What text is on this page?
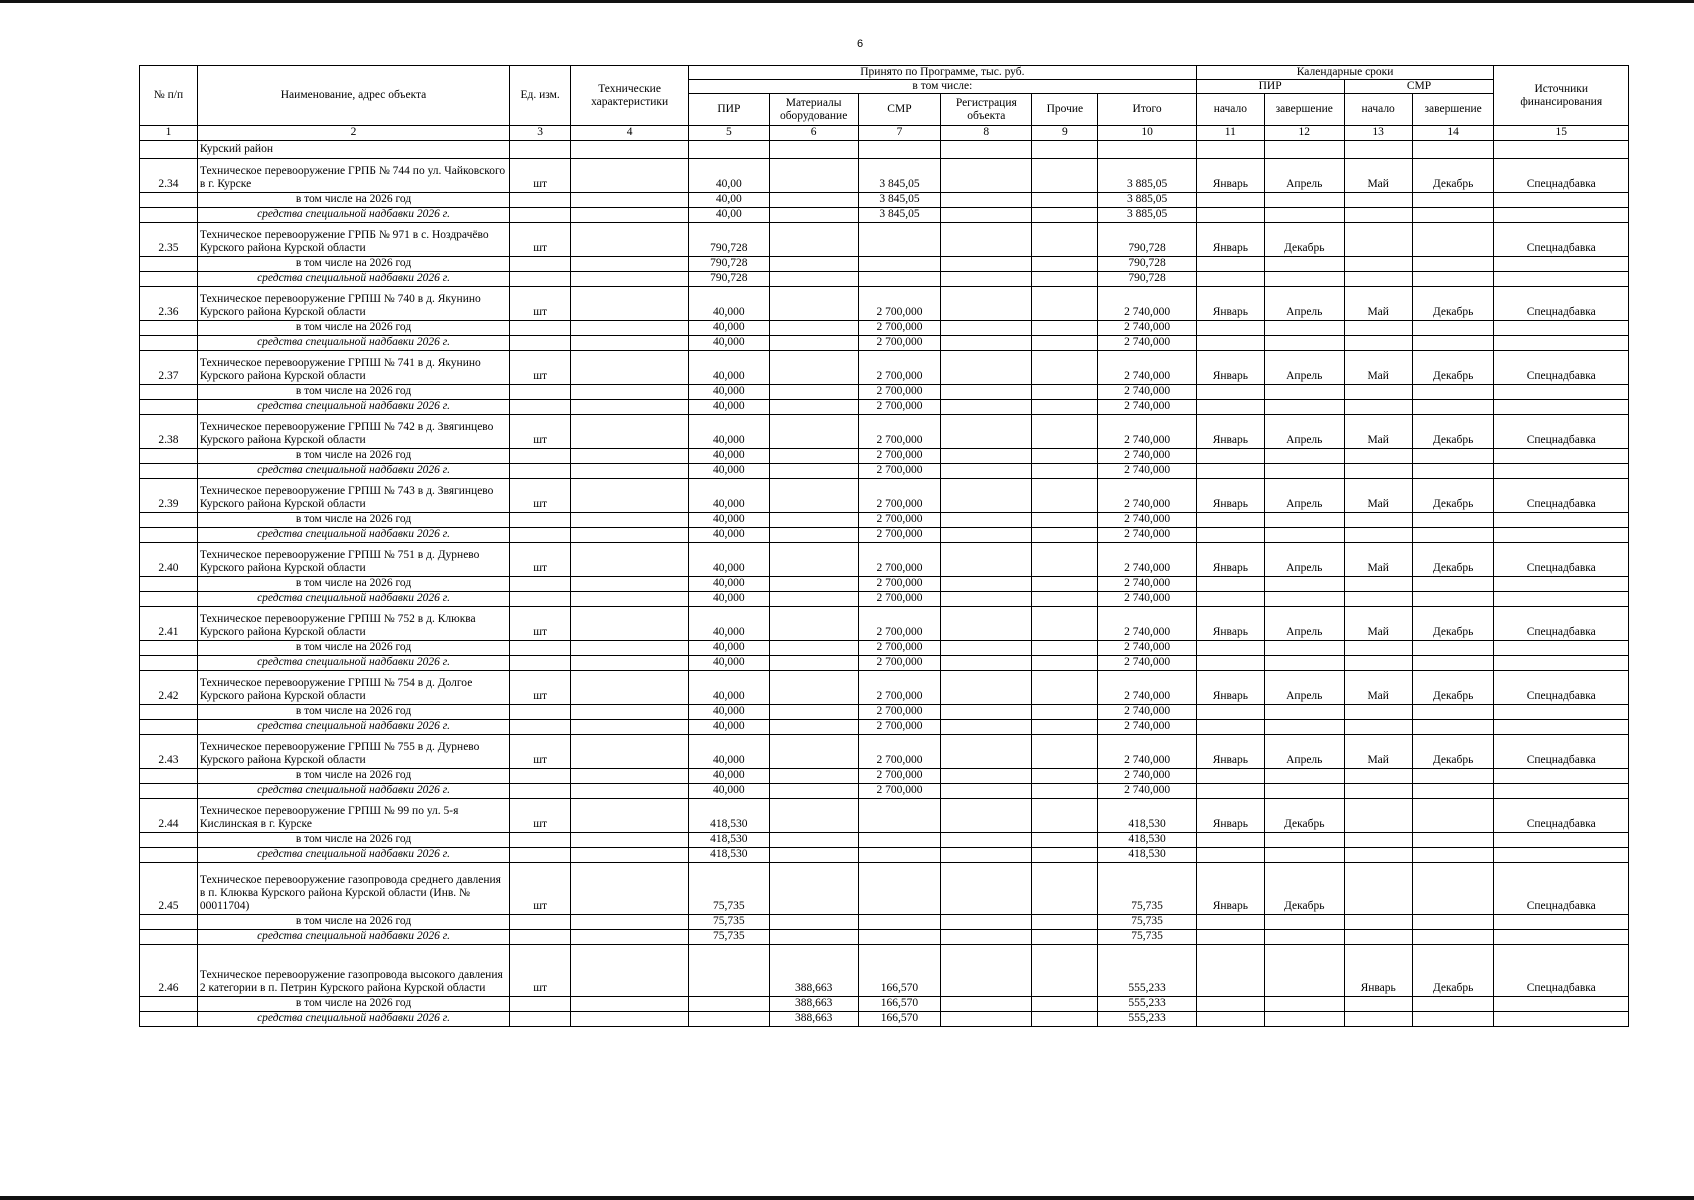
6
№ п/п	Наименование, адрес объекта	Ед. изм.	Технические характеристики	Принято по Программе, тыс. руб.						Календарные сроки				Источники финансирования
				в том числе:						ПИР		СМР		
				ПИР	Материалы оборудование	СМР	Регистрация объекта	Прочие	Итого	начало	завершение	начало	завершение	
1	2	3	4	5	6	7	8	9	10	11	12	13	14	15
	Курский район													
2.34	Техническое перевооружение ГРПБ № 744 по ул. Чайковского в г. Курске	шт		40,00		3 845,05			3 885,05	Январь	Апрель	Май	Декабрь	Спецнадбавка
	в том числе на 2026 год			40,00		3 845,05			3 885,05					
	средства специальной надбавки 2026 г.			40,00		3 845,05			3 885,05					
2.35	Техническое перевооружение ГРПБ № 971 в с. Ноздрачёво Курского района Курской области	шт		790,728					790,728	Январь	Декабрь			Спецнадбавка
	в том числе на 2026 год			790,728					790,728					
	средства специальной надбавки 2026 г.			790,728					790,728					
2.36	Техническое перевооружение ГРПШ № 740 в д. Якунино Курского района Курской области	шт		40,000		2 700,000			2 740,000	Январь	Апрель	Май	Декабрь	Спецнадбавка
	в том числе на 2026 год			40,000		2 700,000			2 740,000					
	средства специальной надбавки 2026 г.			40,000		2 700,000			2 740,000					
2.37	Техническое перевооружение ГРПШ № 741 в д. Якунино Курского района Курской области	шт		40,000		2 700,000			2 740,000	Январь	Апрель	Май	Декабрь	Спецнадбавка
	в том числе на 2026 год			40,000		2 700,000			2 740,000					
	средства специальной надбавки 2026 г.			40,000		2 700,000			2 740,000					
2.38	Техническое перевооружение ГРПШ № 742 в д. Звягинцево Курского района Курской области	шт		40,000		2 700,000			2 740,000	Январь	Апрель	Май	Декабрь	Спецнадбавка
	в том числе на 2026 год			40,000		2 700,000			2 740,000					
	средства специальной надбавки 2026 г.			40,000		2 700,000			2 740,000					
2.39	Техническое перевооружение ГРПШ № 743 в д. Звягинцево Курского района Курской области	шт		40,000		2 700,000			2 740,000	Январь	Апрель	Май	Декабрь	Спецнадбавка
	в том числе на 2026 год			40,000		2 700,000			2 740,000					
	средства специальной надбавки 2026 г.			40,000		2 700,000			2 740,000					
2.40	Техническое перевооружение ГРПШ № 751 в д. Дурнево Курского района Курской области	шт		40,000		2 700,000			2 740,000	Январь	Апрель	Май	Декабрь	Спецнадбавка
	в том числе на 2026 год			40,000		2 700,000			2 740,000					
	средства специальной надбавки 2026 г.			40,000		2 700,000			2 740,000					
2.41	Техническое перевооружение ГРПШ № 752 в д. Клюква Курского района Курской области	шт		40,000		2 700,000			2 740,000	Январь	Апрель	Май	Декабрь	Спецнадбавка
	в том числе на 2026 год			40,000		2 700,000			2 740,000					
	средства специальной надбавки 2026 г.			40,000		2 700,000			2 740,000					
2.42	Техническое перевооружение ГРПШ № 754 в д. Долгое Курского района Курской области	шт		40,000		2 700,000			2 740,000	Январь	Апрель	Май	Декабрь	Спецнадбавка
	в том числе на 2026 год			40,000		2 700,000			2 740,000					
	средства специальной надбавки 2026 г.			40,000		2 700,000			2 740,000					
2.43	Техническое перевооружение ГРПШ № 755 в д. Дурнево Курского района Курской области	шт		40,000		2 700,000			2 740,000	Январь	Апрель	Май	Декабрь	Спецнадбавка
	в том числе на 2026 год			40,000		2 700,000			2 740,000					
	средства специальной надбавки 2026 г.			40,000		2 700,000			2 740,000					
2.44	Техническое перевооружение ГРПШ № 99 по ул. 5-я Кислинская в г. Курске	шт		418,530					418,530	Январь	Декабрь			Спецнадбавка
	в том числе на 2026 год			418,530					418,530					
	средства специальной надбавки 2026 г.			418,530					418,530					
2.45	Техническое перевооружение газопровода среднего давления в п. Клюква Курского района Курской области (Инв. № 00011704)	шт		75,735					75,735	Январь	Декабрь			Спецнадбавка
	в том числе на 2026 год			75,735					75,735					
	средства специальной надбавки 2026 г.			75,735					75,735					
2.46	Техническое перевооружение газопровода высокого давления 2 категории в п. Петрин Курского района Курской области	шт			388,663	166,570			555,233			Январь	Декабрь	Спецнадбавка
	в том числе на 2026 год				388,663	166,570			555,233					
	средства специальной надбавки 2026 г.				388,663	166,570			555,233					
